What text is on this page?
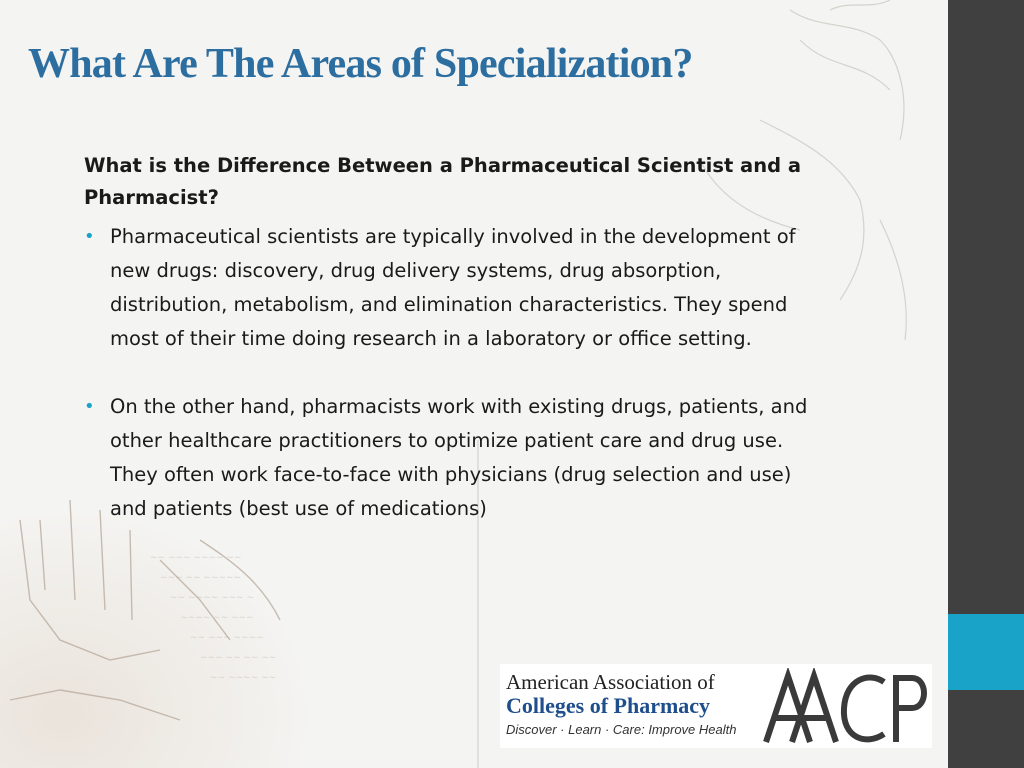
~~ ~~~ ~~~~ ~~
~~~ ~~ ~~~~~
~~ ~~~~ ~~~ ~
~~~~ ~~ ~~~
~~ ~~~ ~~~~
~~~ ~~ ~~ ~~
~~ ~~~~ ~~
What Are The Areas of Specialization?

What is the Difference Between a Pharmaceutical Scientist and a Pharmacist?

• Pharmaceutical scientists are typically involved in the development of new drugs: discovery, drug delivery systems, drug absorption, distribution, metabolism, and elimination characteristics. They spend most of their time doing research in a laboratory or office setting.
• On the other hand, pharmacists work with existing drugs, patients, and other healthcare practitioners to optimize patient care and drug use. They often work face-to-face with physicians (drug selection and use) and patients (best use of medications)
American Association of
Colleges of Pharmacy
Discover · Learn · Care: Improve Health
